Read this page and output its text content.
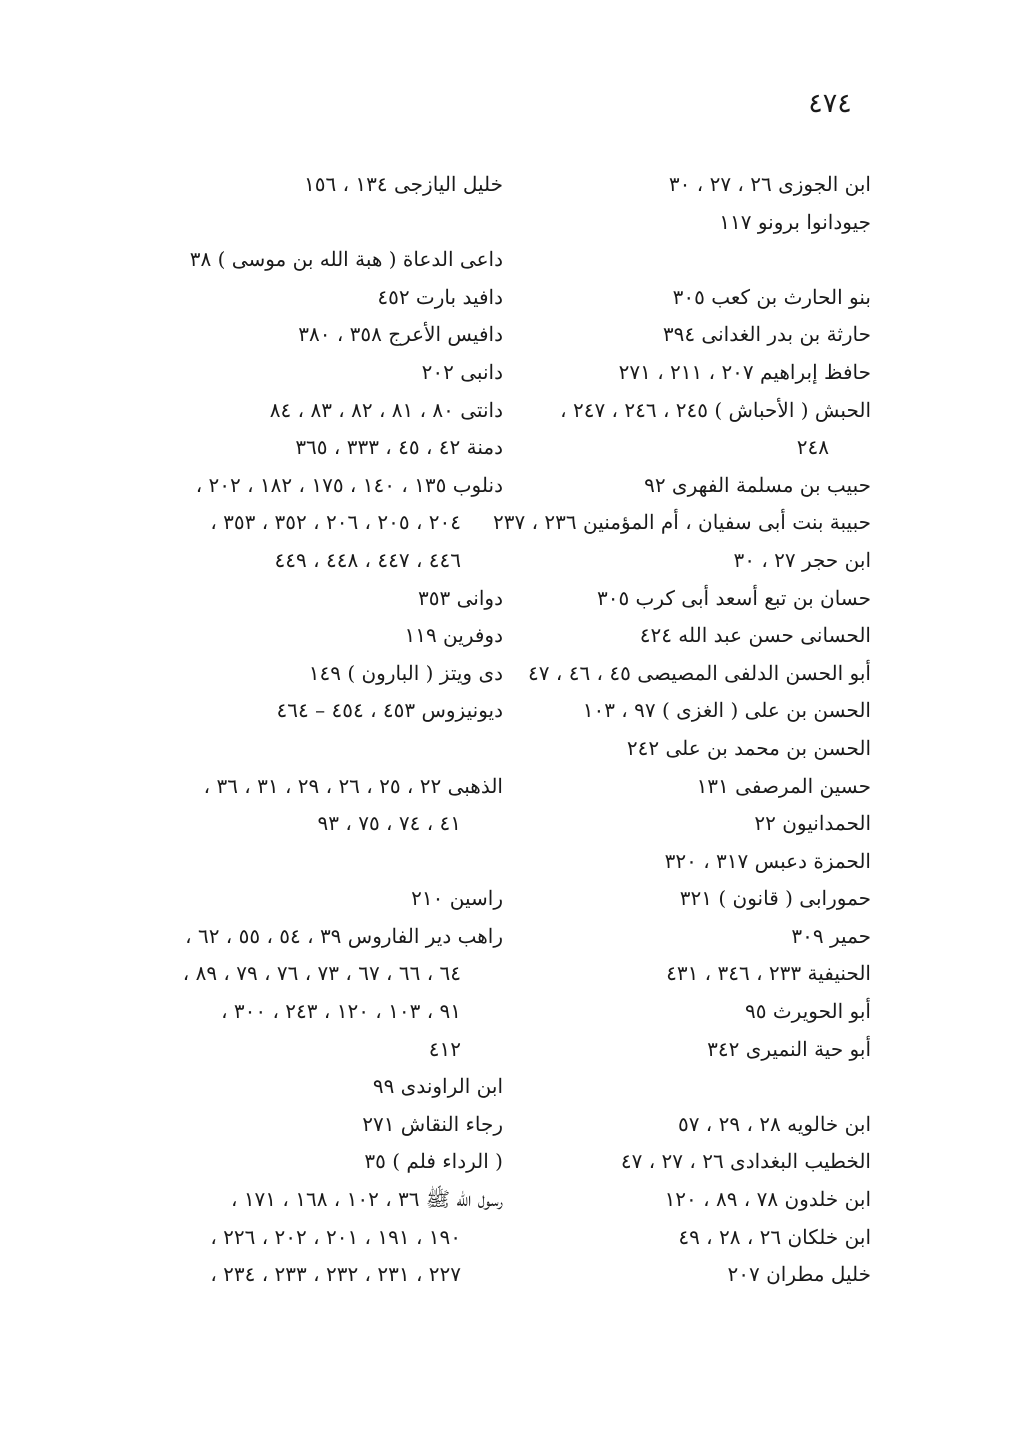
٤٧٤
ابن الجوزى ٢٦ ، ٢٧ ، ٣٠
جيودانوا برونو ١١٧
بنو الحارث بن كعب ٣٠٥
حارثة بن بدر الغدانى ٣٩٤
حافظ إبراهيم ٢٠٧ ، ٢١١ ، ٢٧١
الحبش ( الأحباش ) ٢٤٥ ، ٢٤٦ ، ٢٤٧ ،
٢٤٨
حبيب بن مسلمة الفهرى ٩٢
حبيبة بنت أبى سفيان ، أم المؤمنين ٢٣٦ ، ٢٣٧
ابن حجر ٢٧ ، ٣٠
حسان بن تبع أسعد أبى كرب ٣٠٥
الحسانى حسن عبد الله ٤٢٤
أبو الحسن الدلفى المصيصى ٤٥ ، ٤٦ ، ٤٧
الحسن بن على ( الغزى ) ٩٧ ، ١٠٣
الحسن بن محمد بن على ٢٤٢
حسين المرصفى ١٣١
الحمدانيون ٢٢
الحمزة دعبس ٣١٧ ، ٣٢٠
حمورابى ( قانون ) ٣٢١
حمير ٣٠٩
الحنيفية ٢٣٣ ، ٣٤٦ ، ٤٣١
أبو الحويرث ٩٥
أبو حية النميرى ٣٤٢
ابن خالويه ٢٨ ، ٢٩ ، ٥٧
الخطيب البغدادى ٢٦ ، ٢٧ ، ٤٧
ابن خلدون ٧٨ ، ٨٩ ، ١٢٠
ابن خلكان ٢٦ ، ٢٨ ، ٤٩
خليل مطران ٢٠٧
خليل اليازجى ١٣٤ ، ١٥٦
داعى الدعاة ( هبة الله بن موسى ) ٣٨
دافيد بارت ٤٥٢
دافيس الأعرج ٣٥٨ ، ٣٨٠
دانبى ٢٠٢
دانتى ٨٠ ، ٨١ ، ٨٢ ، ٨٣ ، ٨٤
دمنة ٤٢ ، ٤٥ ، ٣٣٣ ، ٣٦٥
دنلوب ١٣٥ ، ١٤٠ ، ١٧٥ ، ١٨٢ ، ٢٠٢ ،
٢٠٤ ، ٢٠٥ ، ٢٠٦ ، ٣٥٢ ، ٣٥٣ ،
٤٤٦ ، ٤٤٧ ، ٤٤٨ ، ٤٤٩
دوانى ٣٥٣
دوفرين ١١٩
دى ويتز ( البارون ) ١٤٩
ديونيزوس ٤٥٣ ، ٤٥٤ – ٤٦٤
الذهبى ٢٢ ، ٢٥ ، ٢٦ ، ٢٩ ، ٣١ ، ٣٦ ،
٤١ ، ٧٤ ، ٧٥ ، ٩٣
راسين ٢١٠
راهب دير الفاروس ٣٩ ، ٥٤ ، ٥٥ ، ٦٢ ،
٦٤ ، ٦٦ ، ٦٧ ، ٧٣ ، ٧٦ ، ٧٩ ، ٨٩ ،
٩١ ، ١٠٣ ، ١٢٠ ، ٢٤٣ ، ٣٠٠ ،
٤١٢
ابن الراوندى ٩٩
رجاء النقاش ٢٧١
( الرداء فلم ) ٣٥
رسول الله ﷺ ٣٦ ، ١٠٢ ، ١٦٨ ، ١٧١ ،
١٩٠ ، ١٩١ ، ٢٠١ ، ٢٠٢ ، ٢٢٦ ،
٢٢٧ ، ٢٣١ ، ٢٣٢ ، ٢٣٣ ، ٢٣٤ ،
